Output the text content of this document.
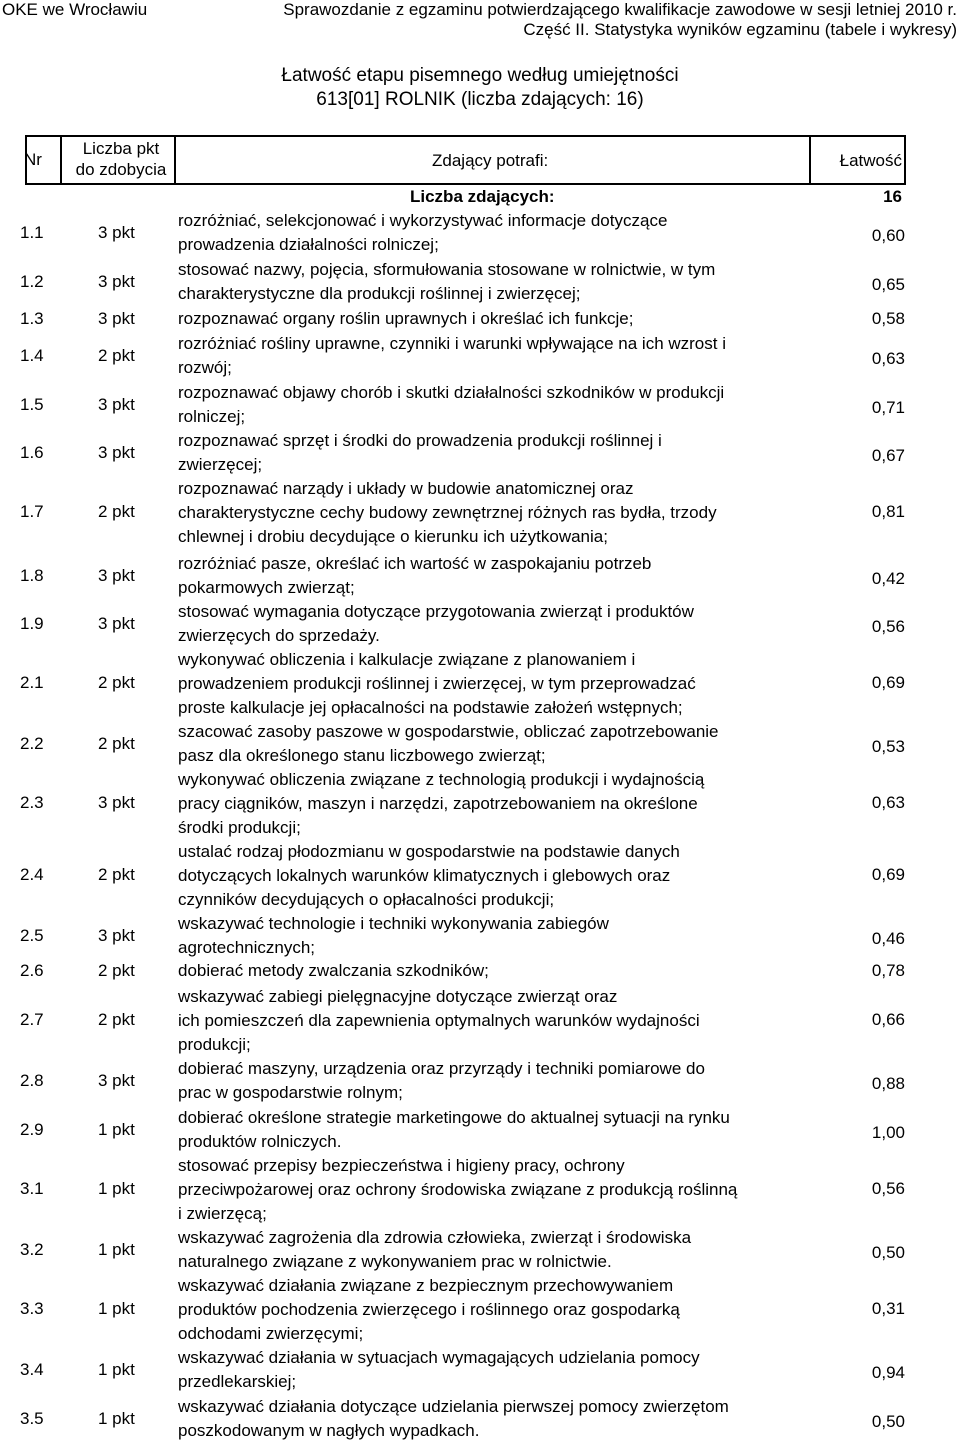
OKE we Wrocławiu	Sprawozdanie z egzaminu potwierdzającego kwalifikacje zawodowe w sesji letniej 2010 r.
Część II. Statystyka wyników egzaminu (tabele i wykresy)
Łatwość etapu pisemnego według umiejętności
613[01] ROLNIK (liczba zdających: 16)
Nr
Liczba pkt
do zdobycia	Zdający potrafi:	Łatwość
Liczba zdających:	16
1.1	3 pkt
rozróżniać, selekcjonować i wykorzystywać informacje dotyczące
prowadzenia działalności rolniczej;	0,60
1.2	3 pkt
stosować nazwy, pojęcia, sformułowania stosowane w rolnictwie, w tym
charakterystyczne dla produkcji roślinnej i zwierzęcej;	0,65
1.3	3 pkt	rozpoznawać organy roślin uprawnych i określać ich funkcje;	0,58
1.4	2 pkt
rozróżniać rośliny uprawne, czynniki i warunki wpływające na ich wzrost i
rozwój;	0,63
1.5	3 pkt
rozpoznawać objawy chorób i skutki działalności szkodników w produkcji
rolniczej;	0,71
1.6	3 pkt
rozpoznawać sprzęt i środki do prowadzenia produkcji roślinnej i
zwierzęcej;	0,67
1.7	2 pkt
rozpoznawać narządy i układy w budowie anatomicznej oraz
charakterystyczne cechy budowy zewnętrznej różnych ras bydła, trzody
chlewnej i drobiu decydujące o kierunku ich użytkowania;
0,81
1.8	3 pkt
rozróżniać pasze, określać ich wartość w zaspokajaniu potrzeb
pokarmowych zwierząt;	0,42
1.9	3 pkt
stosować wymagania dotyczące przygotowania zwierząt i produktów
zwierzęcych do sprzedaży.	0,56
2.1	2 pkt
wykonywać obliczenia i kalkulacje związane z planowaniem i
prowadzeniem produkcji roślinnej i zwierzęcej, w tym przeprowadzać
proste kalkulacje jej opłacalności na podstawie założeń wstępnych;
0,69
2.2	2 pkt
szacować zasoby paszowe w gospodarstwie, obliczać zapotrzebowanie
pasz dla określonego stanu liczbowego zwierząt;	0,53
2.3	3 pkt
wykonywać obliczenia związane z technologią produkcji i wydajnością
pracy ciągników, maszyn i narzędzi, zapotrzebowaniem na określone
środki produkcji;
0,63
2.4	2 pkt
ustalać rodzaj płodozmianu w gospodarstwie na podstawie danych
dotyczących lokalnych warunków klimatycznych i glebowych oraz
czynników decydujących o opłacalności produkcji;
0,69
2.5	3 pkt
wskazywać technologie i techniki wykonywania zabiegów
agrotechnicznych;	0,46
2.6	2 pkt	dobierać metody zwalczania szkodników;	0,78
2.7	2 pkt
wskazywać zabiegi pielęgnacyjne dotyczące zwierząt oraz
ich pomieszczeń dla zapewnienia optymalnych warunków wydajności
produkcji;
0,66
2.8	3 pkt
dobierać maszyny, urządzenia oraz przyrządy i techniki pomiarowe do
prac w gospodarstwie rolnym;	0,88
2.9	1 pkt
dobierać określone strategie marketingowe do aktualnej sytuacji na rynku
produktów rolniczych.	1,00
3.1	1 pkt
stosować przepisy bezpieczeństwa i higieny pracy, ochrony
przeciwpożarowej oraz ochrony środowiska związane z produkcją roślinną
i zwierzęcą;
0,56
3.2	1 pkt
wskazywać zagrożenia dla zdrowia człowieka, zwierząt i środowiska
naturalnego związane z wykonywaniem prac w rolnictwie.	0,50
3.3	1 pkt
wskazywać działania związane z bezpiecznym przechowywaniem
produktów pochodzenia zwierzęcego i roślinnego oraz gospodarką
odchodami zwierzęcymi;
0,31
3.4	1 pkt
wskazywać działania w sytuacjach wymagających udzielania pomocy
przedlekarskiej;	0,94
3.5	1 pkt
wskazywać działania dotyczące udzielania pierwszej pomocy zwierzętom
poszkodowanym w nagłych wypadkach.	0,50
